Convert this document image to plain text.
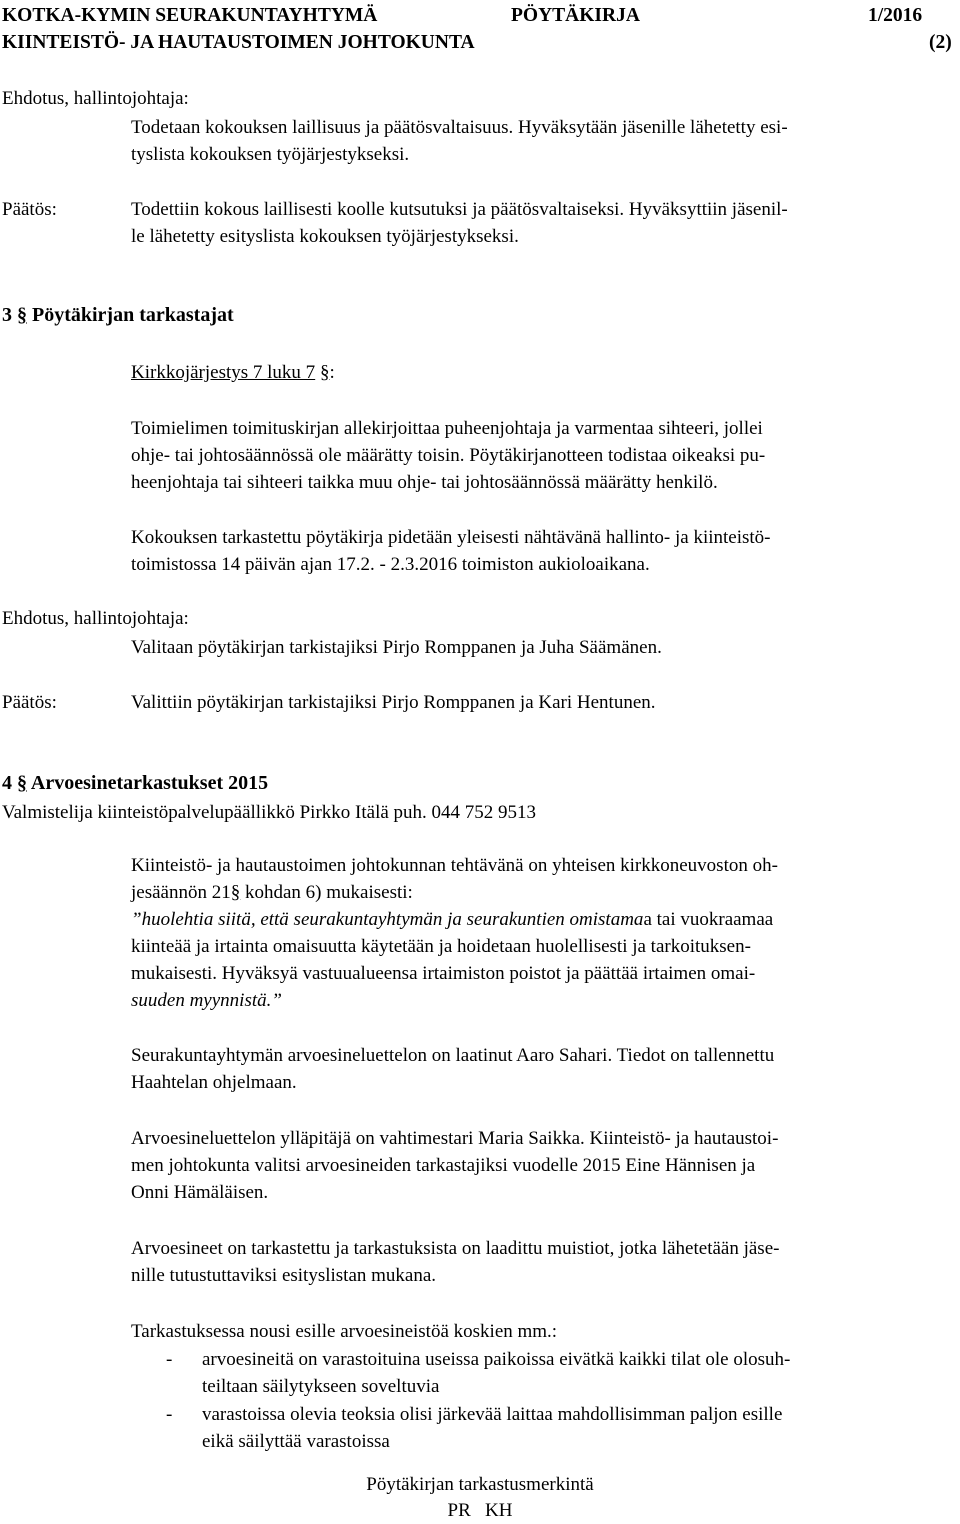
KOTKA-KYMIN SEURAKUNTAYHTYMÄ	PÖYTÄKIRJA	1/2016
KIINTEISTÖ- JA HAUTAUSTOIMEN JOHTOKUNTA	(2)
Ehdotus, hallintojohtaja:

Todetaan kokouksen laillisuus ja päätösvaltaisuus. Hyväksytään jäsenille lähetetty esi-

tyslista kokouksen työjärjestykseksi.

Päätös:	Todettiin kokous laillisesti koolle kutsutuksi ja päätösvaltaiseksi. Hyväksyttiin jäsenil-

le lähetetty esityslista kokouksen työjärjestykseksi.

3 § Pöytäkirjan tarkastajat
Kirkkojärjestys 7 luku 7 §:

Toimielimen toimituskirjan allekirjoittaa puheenjohtaja ja varmentaa sihteeri, jollei

ohje- tai johtosäännössä ole määrätty toisin. Pöytäkirjanotteen todistaa oikeaksi pu-

heenjohtaja tai sihteeri taikka muu ohje- tai johtosäännössä määrätty henkilö.

Kokouksen tarkastettu pöytäkirja pidetään yleisesti nähtävänä hallinto- ja kiinteistö-

toimistossa 14 päivän ajan 17.2. - 2.3.2016 toimiston aukioloaikana.

Ehdotus, hallintojohtaja:

Valitaan pöytäkirjan tarkistajiksi Pirjo Romppanen ja Juha Säämänen.

Päätös:	Valittiin pöytäkirjan tarkistajiksi Pirjo Romppanen ja Kari Hentunen.

4 § Arvoesinetarkastukset 2015
Valmistelija kiinteistöpalvelupäällikkö Pirkko Itälä puh. 044 752 9513

Kiinteistö- ja hautaustoimen johtokunnan tehtävänä on yhteisen kirkkoneuvoston oh-

jesäännön 21§ kohdan 6) mukaisesti:

”huolehtia siitä, että seurakuntayhtymän ja seurakuntien omistamaa tai vuokraamaa

kiinteää ja irtainta omaisuutta käytetään ja hoidetaan huolellisesti ja tarkoituksen-

mukaisesti. Hyväksyä vastuualueensa irtaimiston poistot ja päättää irtaimen omai-

suuden myynnistä.”

Seurakuntayhtymän arvoesineluettelon on laatinut Aaro Sahari. Tiedot on tallennettu

Haahtelan ohjelmaan.

Arvoesineluettelon ylläpitäjä on vahtimestari Maria Saikka. Kiinteistö- ja hautaustoi-

men johtokunta valitsi arvoesineiden tarkastajiksi vuodelle 2015 Eine Hännisen ja

Onni Hämäläisen.

Arvoesineet on tarkastettu ja tarkastuksista on laadittu muistiot, jotka lähetetään jäse-

nille tutustuttaviksi esityslistan mukana.

Tarkastuksessa nousi esille arvoesineistöä koskien mm.:

- arvoesineitä on varastoituina useissa paikoissa eivätkä kaikki tilat ole olosuh-

teiltaan säilytykseen soveltuvia

- varastoissa olevia teoksia olisi järkevää laittaa mahdollisimman paljon esille

eikä säilyttää varastoissa

Pöytäkirjan tarkastusmerkintä
PR   KH
